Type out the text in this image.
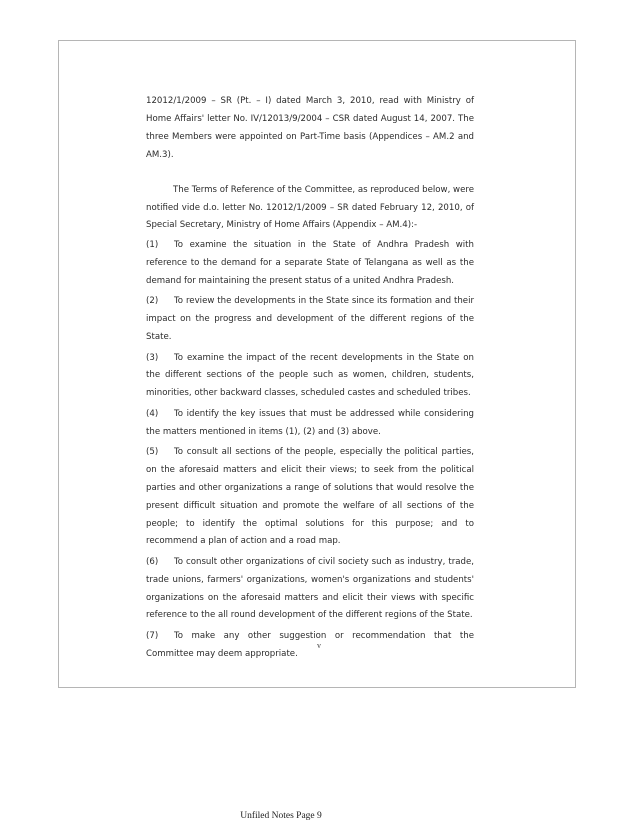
12012/1/2009 – SR (Pt. – I) dated March 3, 2010, read with Ministry of Home Affairs' letter No. IV/12013/9/2004 – CSR dated August 14, 2007. The three Members were appointed on Part-Time basis (Appendices – AM.2 and AM.3).

The Terms of Reference of the Committee, as reproduced below, were notified vide d.o. letter No. 12012/1/2009 – SR dated February 12, 2010, of Special Secretary, Ministry of Home Affairs (Appendix – AM.4):-

(1) To examine the situation in the State of Andhra Pradesh with reference to the demand for a separate State of Telangana as well as the demand for maintaining the present status of a united Andhra Pradesh.

(2) To review the developments in the State since its formation and their impact on the progress and development of the different regions of the State.

(3) To examine the impact of the recent developments in the State on the different sections of the people such as women, children, students, minorities, other backward classes, scheduled castes and scheduled tribes.

(4) To identify the key issues that must be addressed while considering the matters mentioned in items (1), (2) and (3) above.

(5) To consult all sections of the people, especially the political parties, on the aforesaid matters and elicit their views; to seek from the political parties and other organizations a range of solutions that would resolve the present difficult situation and promote the welfare of all sections of the people; to identify the optimal solutions for this purpose; and to recommend a plan of action and a road map.

(6) To consult other organizations of civil society such as industry, trade, trade unions, farmers' organizations, women's organizations and students' organizations on the aforesaid matters and elicit their views with specific reference to the all round development of the different regions of the State.

(7) To make any other suggestion or recommendation that the Committee may deem appropriate.

v
Unfiled Notes Page 9
